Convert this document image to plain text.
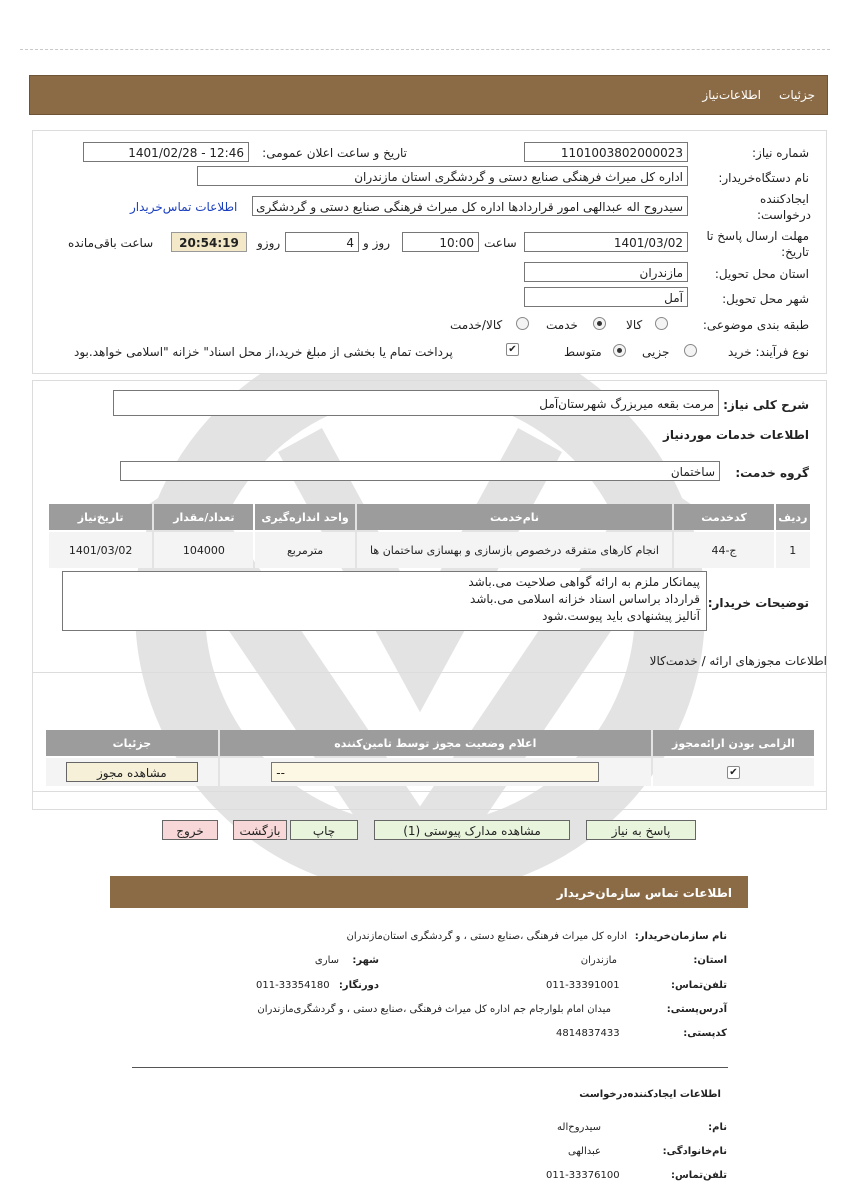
جزئیات
اطلاعات‌نیاز
شماره نیاز:
1101003802000023
تاریخ و ساعت اعلان عمومی:
1401/02/28 - 12:46
نام دستگاه‌خریدار:
اداره کل میراث فرهنگی صنایع دستی و گردشگری استان مازندران
ایجادکننده
درخواست:
سیدروح اله عبدالهی امور قراردادها اداره کل میراث فرهنگی صنایع دستی و گردشگری
اطلاعات تماس‌خریدار
مهلت ارسال پاسخ تا
تاریخ:
1401/03/02
ساعت
10:00
روز و
4
روزو
20:54:19
ساعت باقی‌مانده
استان محل تحویل:
مازندران
شهر محل تحویل:
آمل
طبقه بندی موضوعی:
کالا
خدمت
کالا/خدمت
نوع فرآیند: خرید
جزیی
متوسط
✔
پرداخت تمام یا بخشی از مبلغ خرید،از محل اسناد" خزانه "اسلامی خواهد.بود
شرح کلی نیاز:
مرمت بقعه میربزرگ شهرستان‌آمل
اطلاعات خدمات موردنیاز
گروه خدمت:
ساختمان
ردیف	کدخدمت	نام‌خدمت	واحد اندازه‌گیری	تعداد/مقدار	تاریخ‌نیاز
1	ج-44	انجام کارهای متفرقه درخصوص بازسازی و بهسازی ساختمان ها	مترمربع	104000	1401/03/02
توضیحات خریدار:
پیمانکار ملزم به ارائه گواهی صلاحیت می.باشد
قرارداد براساس اسناد خزانه اسلامی می.باشد
آنالیز پیشنهادی باید پیوست.شود
اطلاعات مجوزهای ارائه / خدمت‌کالا
الزامی بودن ارائه‌مجوز	اعلام وضعیت مجوز توسط تامین‌کننده	جزئیات
✔	--	مشاهده مجوز
پاسخ به نیاز
مشاهده مدارک پیوستی (1)
چاپ
بازگشت
خروج
اطلاعات تماس سازمان‌خریدار
نام سازمان‌خریدار:
اداره کل میراث فرهنگی ،صنایع دستی ، و گردشگری استان‌مازندران
استان:
مازندران
شهر:
ساری
تلفن‌تماس:
011-33391001
دورنگار:
011-33354180
آدرس‌پستی:
میدان امام بلوارجام جم اداره کل میراث فرهنگی ،صنایع دستی ، و گردشگری‌مازندران
کدپستی:
4814837433
اطلاعات ایجادکننده‌درخواست
نام:
سیدروح‌اله
نام‌خانوادگی:
عبدالهی
تلفن‌تماس:
011-33376100
